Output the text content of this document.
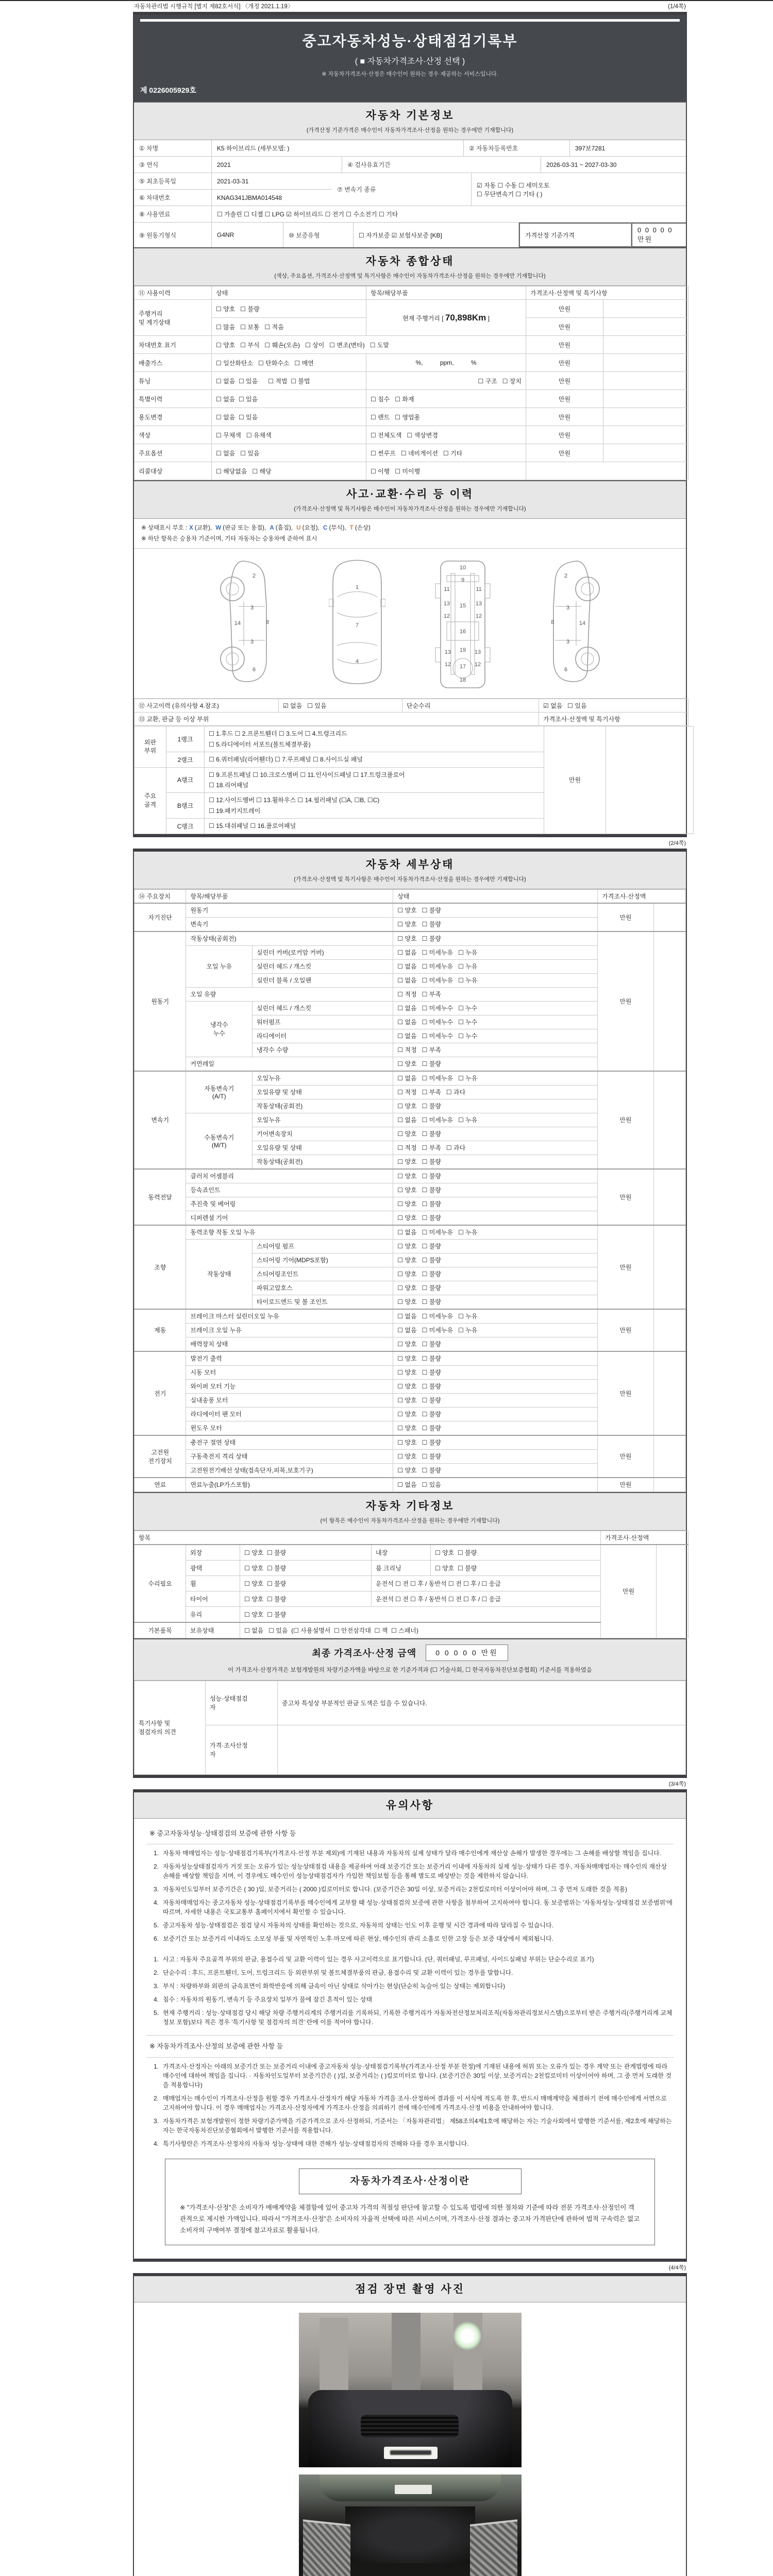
자동차관리법 시행규칙 [별지 제82호서식] 〈개정 2021.1.19〉	(1/4쪽)
중고자동차성능·상태점검기록부
( ■ 자동차가격조사·산정 선택 )
※ 자동차가격조사·산정은 매수인이 원하는 경우 제공하는 서비스입니다.
제 0226005929호
자동차 기본정보
(가격산정 기준가격은 매수인이 자동차가격조사·산정을 원하는 경우에만 기재합니다)
① 차명	K5 하이브리드 (세부모델: )	② 자동차등록번호	397보7281
③ 연식	2021	④ 검사유효기간	2026-03-31 ~ 2027-03-30
⑤ 최초등록일	2021-03-31
⑥ 차대번호	KNAG341JBMA014548
⑦ 변속기 종류
☑ 자동 ☐ 수동 ☐ 세미오토
☐ 무단변속기 ☐ 기타 ( )
⑧ 사용연료	☐ 가솔린 ☐ 디젤 ☐ LPG ☑ 하이브리드 ☐ 전기 ☐ 수소전기 ☐ 기타
⑨ 원동기형식	G4NR	⑩ 보증유형	☐ 자가보증 ☑ 보험사보증 [KB]	가격산정 기준가격
0 0 0 0 0 만원
자동차 종합상태
(색상, 주요옵션, 가격조사·산정액 및 특기사항은 매수인이 자동차가격조사·산정을 원하는 경우에만 기재합니다)
⑪ 사용이력	상태	항목/해당부품	가격조사·산정액 및 특기사항	
주행거리
및 계기상태	☐ 양호   ☐ 불량	현재 주행거리 [ 70,898Km ]	만원	
	☐ 많음   ☐ 보통   ☐ 적음		만원	
차대번호 표기	☐ 양호   ☐ 부식   ☐ 훼손(오손)   ☐ 상이   ☐ 변조(변타)   ☐ 도말		만원	
배출가스	☐ 일산화탄소   ☐ 탄화수소   ☐ 매연	%,          ppm,          %	만원	
튜닝	☐ 없음  ☐ 있음      ☐ 적법  ☐ 불법	☐ 구조   ☐ 장치	만원	
특별이력	☐ 없음  ☐ 있음	☐ 침수   ☐ 화재	만원	
용도변경	☐ 없음  ☐ 있음	☐ 렌트   ☐ 영업용	만원	
색상	☐ 무채색   ☐ 유채색	☐ 전체도색   ☐ 색상변경	만원	
주요옵션	☐ 없음   ☐ 있음	☐ 썬루프   ☐ 네비게이션   ☐ 기타	만원	
리콜대상	☐ 해당없음   ☐ 해당	☐ 이행   ☐ 미이행		
사고·교환·수리 등 이력
(가격조사·산정액 및 특기사항은 매수인이 자동차가격조사·산정을 원하는 경우에만 기재합니다)
※ 상태표시 부호 : X (교환), W (판금 또는 용접), A (흠집), U (요철), C (부식), T (손상)
※ 하단 항목은 승용차 기준이며, 기타 자동차는 승용차에 준하여 표시
2
3
14
3
8
6
1
7
4
10
9
11	11
13	13
12	12
15
16
13 19 13
12 17 12
18
2
3
14
3
8
6
⑫ 사고이력 (유의사항 4.참조)	☑ 없음   ☐ 있음	단순수리	☑ 없음   ☐ 있음
⑬ 교환, 판금 등 이상 부위			가격조사·산정액 및 특기사항
외판
부위	1랭크	☐ 1.후드 ☐ 2.프론트휀더 ☐ 3.도어 ☐ 4.트렁크리드
☐ 5.라디에이터 서포트(볼트체결부품)	만원	
	2랭크	☐ 6.쿼터패널(리어휀더) ☐ 7.루프패널 ☐ 8.사이드실 패널		
주요
골격	A랭크	☐ 9.프론트패널 ☐ 10.크로스멤버 ☐ 11.인사이드패널 ☐ 17.트렁크플로어
☐ 18.리어패널		
	B랭크	☐ 12.사이드멤버 ☐ 13.휠하우스 ☐ 14.필러패널 (☐A, ☐B, ☐C)
☐ 19.패키지트레이		
	C랭크	☐ 15.대쉬패널 ☐ 16.플로어패널		
(2/4쪽)
자동차 세부상태
(가격조사·산정액 및 특기사항은 매수인이 자동차가격조사·산정을 원하는 경우에만 기재합니다)
⑭ 주요장치	항목/해당부품		상태	가격조사·산정액	
자기진단	원동기		☐ 양호   ☐ 불량	만원	
	변속기		☐ 양호   ☐ 불량		
원동기	작동상태(공회전)		☐ 양호   ☐ 불량	만원	
	오일 누유	실린더 커버(로커암 커버)	☐ 없음   ☐ 미세누유   ☐ 누유		
		실린더 헤드 / 개스킷	☐ 없음   ☐ 미세누유   ☐ 누유		
		실린더 블록 / 오일팬	☐ 없음   ☐ 미세누유   ☐ 누유		
	오일 유량		☐ 적정   ☐ 부족		
	냉각수
누수	실린더 헤드 / 개스킷	☐ 없음   ☐ 미세누수   ☐ 누수		
		워터펌프	☐ 없음   ☐ 미세누수   ☐ 누수		
		라디에이터	☐ 없음   ☐ 미세누수   ☐ 누수		
		냉각수 수량	☐ 적정   ☐ 부족		
	커먼레일		☐ 양호   ☐ 불량		
변속기	자동변속기
(A/T)	오일누유	☐ 없음   ☐ 미세누유   ☐ 누유	만원	
		오일유량 및 상태	☐ 적정   ☐ 부족   ☐ 과다		
		작동상태(공회전)	☐ 양호   ☐ 불량		
	수동변속기
(M/T)	오일누유	☐ 없음   ☐ 미세누유   ☐ 누유		
		기어변속장치	☐ 양호   ☐ 불량		
		오일유량 및 상태	☐ 적정   ☐ 부족   ☐ 과다		
		작동상태(공회전)	☐ 양호   ☐ 불량		
동력전달	클러치 어셈블리		☐ 양호   ☐ 불량	만원	
	등속죠인트		☐ 양호   ☐ 불량		
	추진축 및 베어링		☐ 양호   ☐ 불량		
	디퍼렌셜 기어		☐ 양호   ☐ 불량		
조향	동력조향 작동 오일 누유		☐ 없음   ☐ 미세누유   ☐ 누유	만원	
	작동상태	스티어링 펌프	☐ 양호   ☐ 불량		
		스티어링 기어(MDPS포함)	☐ 양호   ☐ 불량		
		스티어링조인트	☐ 양호   ☐ 불량		
		파워고압호스	☐ 양호   ☐ 불량		
		타이로드엔드 및 볼 조인트	☐ 양호   ☐ 불량		
제동	브레이크 마스터 실린더오일 누유		☐ 없음   ☐ 미세누유   ☐ 누유	만원	
	브레이크 오일 누유		☐ 없음   ☐ 미세누유   ☐ 누유		
	배력장치 상태		☐ 양호   ☐ 불량		
전기	발전기 출력		☐ 양호   ☐ 불량	만원	
	시동 모터		☐ 양호   ☐ 불량		
	와이퍼 모터 기능		☐ 양호   ☐ 불량		
	실내송풍 모터		☐ 양호   ☐ 불량		
	라디에이터 팬 모터		☐ 양호   ☐ 불량		
	윈도우 모터		☐ 양호   ☐ 불량		
고전원
전기장치	충전구 절연 상태		☐ 양호   ☐ 불량	만원	
	구동축전지 격리 상태		☐ 양호   ☐ 불량		
	고전원전기배선 상태(접속단자,피복,보호기구)		☐ 양호   ☐ 불량		
연료	연료누출(LP가스포함)		☐ 없음   ☐ 있음	만원	
자동차 기타정보
(이 항목은 매수인이 자동차가격조사·산정을 원하는 경우에만 기재합니다)
항목					가격조사·산정액	
수리필요	외장	☐ 양호  ☐ 불량	내장	☐ 양호  ☐ 불량	만원	
	광택	☐ 양호  ☐ 불량	룸 크리닝	☐ 양호  ☐ 불량		
	휠	☐ 양호  ☐ 불량	운전석 ☐ 전 ☐ 후 / 동반석 ☐ 전 ☐ 후 / ☐ 응급			
	타이어	☐ 양호  ☐ 불량	운전석 ☐ 전 ☐ 후 / 동반석 ☐ 전 ☐ 후 / ☐ 응급			
	유리	☐ 양호  ☐ 불량				
기본품목	보유상태	☐ 없음   ☐ 있음  (☐ 사용설명서  ☐ 안전삼각대  ☐ 잭  ☐ 스패너)				
최종 가격조사·산정 금액	0 0 0 0 0 만원
이 가격조사·산정가격은 보험개발원의 차량기준가액을 바탕으로 한 기준가격과 (☐ 기술사회, ☐ 한국자동차진단보증협회) 기준서를 적용하였음
특기사항 및
점검자의 의견	성능·상태점검
자	중고차 특성상 부분적인 판금 도색은 있을 수 있습니다.
	가격·조사산정
자	
(3/4쪽)
유의사항
※ 중고자동차성능·상태점검의 보증에 관한 사항 등
1. 자동차 매매업자는 성능·상태점검기록부(가격조사·산정 부분 제외)에 기재된 내용과 자동차의 실제 상태가 달라 매수인에게 재산상 손해가 발생한 경우에는 그 손해를 배상할 책임을 집니다.
2. 자동차성능상태점검자가 거짓 또는 오류가 있는 성능상태점검 내용을 제공하여 아래 보증기간 또는 보증거리 이내에 자동차의 실제 성능·상태가 다른 경우, 자동차매매업자는 매수인의 재산상 손해를 배상할 책임을 지며, 이 경우에도 매수인이 성능상태점검자가 가입한 책임보험 등을 통해 별도로 배상받는 것을 제한하지 않습니다.
3. 자동차인도일부터 보증기간은 ( 30 )일, 보증거리는 ( 2000 )킬로미터로 합니다. (보증기간은 30일 이상, 보증거리는 2천킬로미터 이상이어야 하며, 그 중 먼저 도래한 것을 적용)
4. 자동차매매업자는 중고자동차 성능·상태점검기록부를 매수인에게 교부할 때 성능·상태점검의 보증에 관한 사항을 첨부하여 고지하여야 합니다. 동 보증범위는 '자동차성능·상태점검 보증범위'에 따르며, 자세한 내용은 국토교통부 홈페이지에서 확인할 수 있습니다.
5. 중고자동차 성능·상태점검은 점검 당시 자동차의 상태를 확인하는 것으로, 자동차의 상태는 인도 이후 운행 및 시간 경과에 따라 달라질 수 있습니다.
6. 보증기간 또는 보증거리 이내라도 소모성 부품 및 자연적인 노후·마모에 따른 현상, 매수인의 관리 소홀로 인한 고장 등은 보증 대상에서 제외됩니다.
1. 사고 : 자동차 주요골격 부위의 판금, 용접수리 및 교환 이력이 있는 경우 사고이력으로 표기합니다. (단, 쿼터패널, 루프패널, 사이드실패널 부위는 단순수리로 표기)
2. 단순수리 : 후드, 프론트휀더, 도어, 트렁크리드 등 외판부위 및 볼트체결부품의 판금, 용접수리 및 교환 이력이 있는 경우를 말합니다.
3. 부식 : 차량하부와 외판의 금속표면이 화학반응에 의해 금속이 아닌 상태로 삭아가는 현상(단순히 녹슬어 있는 상태는 제외합니다)
4. 침수 : 자동차의 원동기, 변속기 등 주요장치 일부가 물에 잠긴 흔적이 있는 상태
5. 현재 주행거리 : 성능·상태점검 당시 해당 차량 주행거리계의 주행거리를 기록하되, 기록한 주행거리가 자동차전산정보처리조직(자동차관리정보시스템)으로부터 받은 주행거리(주행거리계 교체 정보 포함)보다 적은 경우 '특기사항 및 점검자의 의견' 란에 이를 적어야 합니다.
※ 자동차가격조사·산정의 보증에 관한 사항 등
1. 가격조사·산정자는 아래의 보증기간 또는 보증거리 이내에 중고자동차 성능·상태점검기록부(가격조사·산정 부분 한정)에 기재된 내용에 허위 또는 오류가 있는 경우 계약 또는 관계법령에 따라 매수인에 대하여 책임을 집니다. · 자동차인도일부터 보증기간은 ( )일, 보증거리는 ( )킬로미터로 합니다. (보증기간은 30일 이상, 보증거리는 2천킬로미터 이상이어야 하며, 그 중 먼저 도래한 것을 적용합니다)
2. 매매업자는 매수인이 가격조사·산정을 원할 경우 가격조사·산정자가 해당 자동차 가격을 조사·산정하여 결과를 이 서식에 적도록 한 후, 반드시 매매계약을 체결하기 전에 매수인에게 서면으로 고지하여야 합니다. 이 경우 매매업자는 가격조사·산정자에게 가격조사·산정을 의뢰하기 전에 매수인에게 가격조사·산정 비용을 안내하여야 합니다.
3. 자동차가격은 보험개발원이 정한 차량기준가액을 기준가격으로 조사·산정하되, 기준서는 「자동차관리법」 제58조의4제1호에 해당하는 자는 기술사회에서 발행한 기준서를, 제2호에 해당하는 자는 한국자동차진단보증협회에서 발행한 기준서를 적용합니다.
4. 특기사항란은 가격조사·산정자의 자동차 성능·상태에 대한 견해가 성능·상태점검자의 견해와 다를 경우 표시합니다.
자동차가격조사·산정이란
※ "가격조사·산정"은 소비자가 매매계약을 체결함에 있어 중고차 가격의 적절성 판단에 참고할 수 있도록 법령에 의한 절차와 기준에 따라 전문 가격조사·산정인이 객관적으로 제시한 가액입니다. 따라서 "가격조사·산정"은 소비자의 자율적 선택에 따른 서비스이며, 가격조사·산정 결과는 중고차 가격판단에 관하여 법적 구속력은 없고 소비자의 구매여부 결정에 참고자료로 활용됩니다.
(4/4쪽)
점검 장면 촬영 사진
